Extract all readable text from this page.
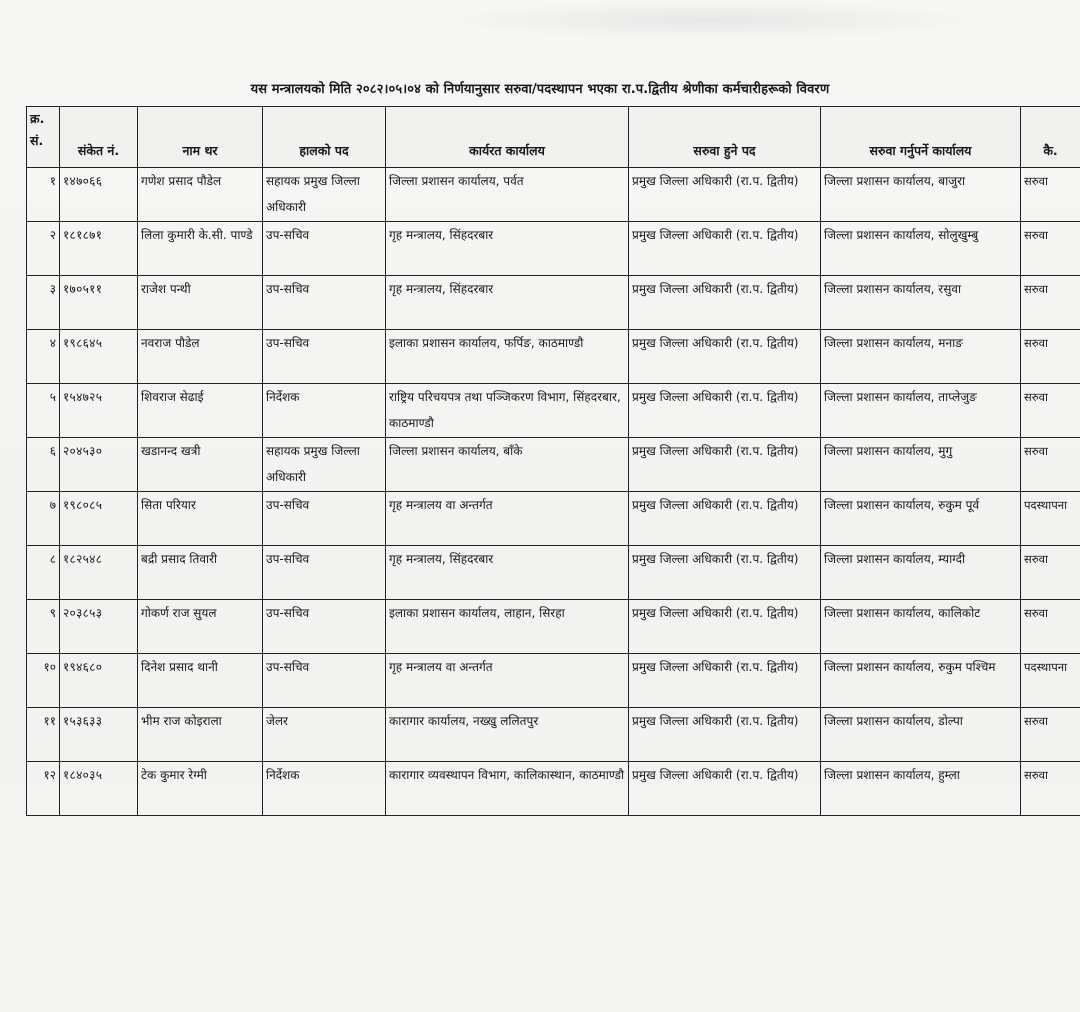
यस मन्त्रालयको मिति २०८२।०५।०४ को निर्णयानुसार सरुवा/पदस्थापन भएका रा.प.द्वितीय श्रेणीका कर्मचारीहरूको विवरण
क्र.
सं.	संकेत नं.	नाम थर	हालको पद	कार्यरत कार्यालय	सरुवा हुने पद	सरुवा गर्नुपर्ने कार्यालय	कै.
१	१४७०६६	गणेश प्रसाद पौडेल	सहायक प्रमुख जिल्ला अधिकारी	जिल्ला प्रशासन कार्यालय, पर्वत	प्रमुख जिल्ला अधिकारी (रा.प. द्वितीय)	जिल्ला प्रशासन कार्यालय, बाजुरा	सरुवा
२	१८१८७१	लिला कुमारी के.सी. पाण्डे	उप-सचिव	गृह मन्त्रालय, सिंहदरबार	प्रमुख जिल्ला अधिकारी (रा.प. द्वितीय)	जिल्ला प्रशासन कार्यालय, सोलुखुम्बु	सरुवा
३	१७०५११	राजेश पन्थी	उप-सचिव	गृह मन्त्रालय, सिंहदरबार	प्रमुख जिल्ला अधिकारी (रा.प. द्वितीय)	जिल्ला प्रशासन कार्यालय, रसुवा	सरुवा
४	१९८६४५	नवराज पौडेल	उप-सचिव	इलाका प्रशासन कार्यालय, फर्पिङ, काठमाण्डौ	प्रमुख जिल्ला अधिकारी (रा.प. द्वितीय)	जिल्ला प्रशासन कार्यालय, मनाङ	सरुवा
५	१५४७२५	शिवराज सेढाई	निर्देशक	राष्ट्रिय परिचयपत्र तथा पञ्जिकरण विभाग, सिंहदरबार, काठमाण्डौ	प्रमुख जिल्ला अधिकारी (रा.प. द्वितीय)	जिल्ला प्रशासन कार्यालय, ताप्लेजुङ	सरुवा
६	२०४५३०	खडानन्द खत्री	सहायक प्रमुख जिल्ला अधिकारी	जिल्ला प्रशासन कार्यालय, बाँके	प्रमुख जिल्ला अधिकारी (रा.प. द्वितीय)	जिल्ला प्रशासन कार्यालय, मुगु	सरुवा
७	१९८०८५	सिता परियार	उप-सचिव	गृह मन्त्रालय वा अन्तर्गत	प्रमुख जिल्ला अधिकारी (रा.प. द्वितीय)	जिल्ला प्रशासन कार्यालय, रुकुम पूर्व	पदस्थापना
८	१८२५४८	बद्री प्रसाद तिवारी	उप-सचिव	गृह मन्त्रालय, सिंहदरबार	प्रमुख जिल्ला अधिकारी (रा.प. द्वितीय)	जिल्ला प्रशासन कार्यालय, म्याग्दी	सरुवा
९	२०३८५३	गोकर्ण राज सुयल	उप-सचिव	इलाका प्रशासन कार्यालय, लाहान, सिरहा	प्रमुख जिल्ला अधिकारी (रा.प. द्वितीय)	जिल्ला प्रशासन कार्यालय, कालिकोट	सरुवा
१०	१९४६८०	दिनेश प्रसाद थानी	उप-सचिव	गृह मन्त्रालय वा अन्तर्गत	प्रमुख जिल्ला अधिकारी (रा.प. द्वितीय)	जिल्ला प्रशासन कार्यालय, रुकुम पश्चिम	पदस्थापना
११	१५३६३३	भीम राज कोइराला	जेलर	कारागार कार्यालय, नख्खु ललितपुर	प्रमुख जिल्ला अधिकारी (रा.प. द्वितीय)	जिल्ला प्रशासन कार्यालय, डोल्पा	सरुवा
१२	१८४०३५	टेक कुमार रेग्मी	निर्देशक	कारागार व्यवस्थापन विभाग, कालिकास्थान, काठमाण्डौ	प्रमुख जिल्ला अधिकारी (रा.प. द्वितीय)	जिल्ला प्रशासन कार्यालय, हुम्ला	सरुवा
